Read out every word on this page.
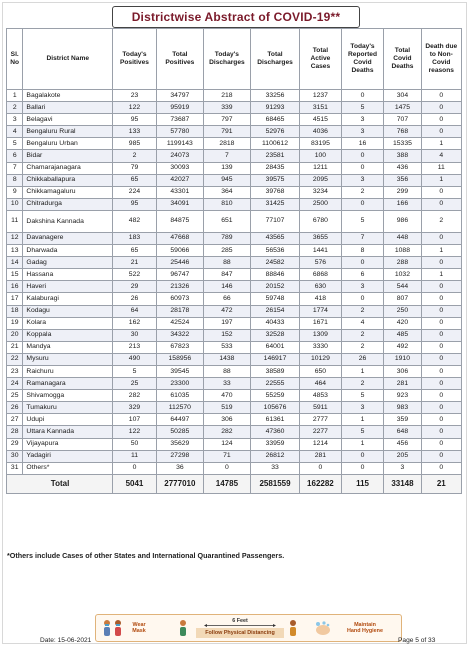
Districtwise Abstract of COVID-19**
Sl. No	District Name	Today's Positives	Total Positives	Today's Discharges	Total Discharges	Total Active Cases	Today's Reported Covid Deaths	Total Covid Deaths	Death due to Non-Covid reasons
1	Bagalakote	23	34797	218	33256	1237	0	304	0
2	Ballari	122	95919	339	91293	3151	5	1475	0
3	Belagavi	95	73687	797	68465	4515	3	707	0
4	Bengaluru Rural	133	57780	791	52976	4036	3	768	0
5	Bengaluru Urban	985	1199143	2818	1100612	83195	16	15335	1
6	Bidar	2	24073	7	23581	100	0	388	4
7	Chamarajanagara	79	30093	139	28435	1211	0	436	11
8	Chikkaballapura	65	42027	945	39575	2095	3	356	1
9	Chikkamagaluru	224	43301	364	39768	3234	2	299	0
10	Chitradurga	95	34091	810	31425	2500	0	166	0
11	Dakshina Kannada	482	84875	651	77107	6780	5	986	2
12	Davanagere	183	47668	789	43565	3655	7	448	0
13	Dharwada	65	59066	285	56536	1441	8	1088	1
14	Gadag	21	25446	88	24582	576	0	288	0
15	Hassana	522	96747	847	88846	6868	6	1032	1
16	Haveri	29	21326	146	20152	630	3	544	0
17	Kalaburagi	26	60973	66	59748	418	0	807	0
18	Kodagu	64	28178	472	26154	1774	2	250	0
19	Kolara	162	42524	197	40433	1671	4	420	0
20	Koppala	30	34322	152	32528	1309	2	485	0
21	Mandya	213	67823	533	64001	3330	2	492	0
22	Mysuru	490	158956	1438	146917	10129	26	1910	0
23	Raichuru	5	39545	88	38589	650	1	306	0
24	Ramanagara	25	23300	33	22555	464	2	281	0
25	Shivamogga	282	61035	470	55259	4853	5	923	0
26	Tumakuru	329	112570	519	105676	5911	3	983	0
27	Udupi	107	64497	306	61361	2777	1	359	0
28	Uttara Kannada	122	50285	282	47360	2277	5	648	0
29	Vijayapura	50	35629	124	33959	1214	1	456	0
30	Yadagiri	11	27298	71	26812	281	0	205	0
31	Others*	0	36	0	33	0	0	3	0
Total		5041	2777010	14785	2581559	162282	115	33148	21
*Others include Cases of other States and International Quarantined Passengers.
Wear
Mask
6 Feet
Follow Physical Distancing
Maintain
Hand Hygiene
Date: 15-06-2021	Page 5 of 33
